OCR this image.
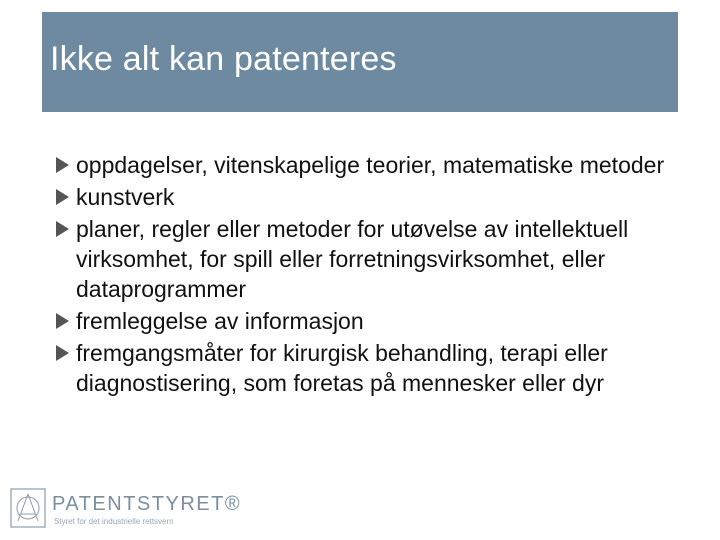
Ikke alt kan patenteres
oppdagelser, vitenskapelige teorier, matematiske metoder
kunstverk
planer, regler eller metoder for utøvelse av intellektuell virksomhet, for spill eller forretningsvirksomhet, eller dataprogrammer
fremleggelse av informasjon
fremgangsmåter for kirurgisk behandling, terapi eller diagnostisering, som foretas på mennesker eller dyr
PATENTSTYRET®
Styret for det industrielle rettsvern
